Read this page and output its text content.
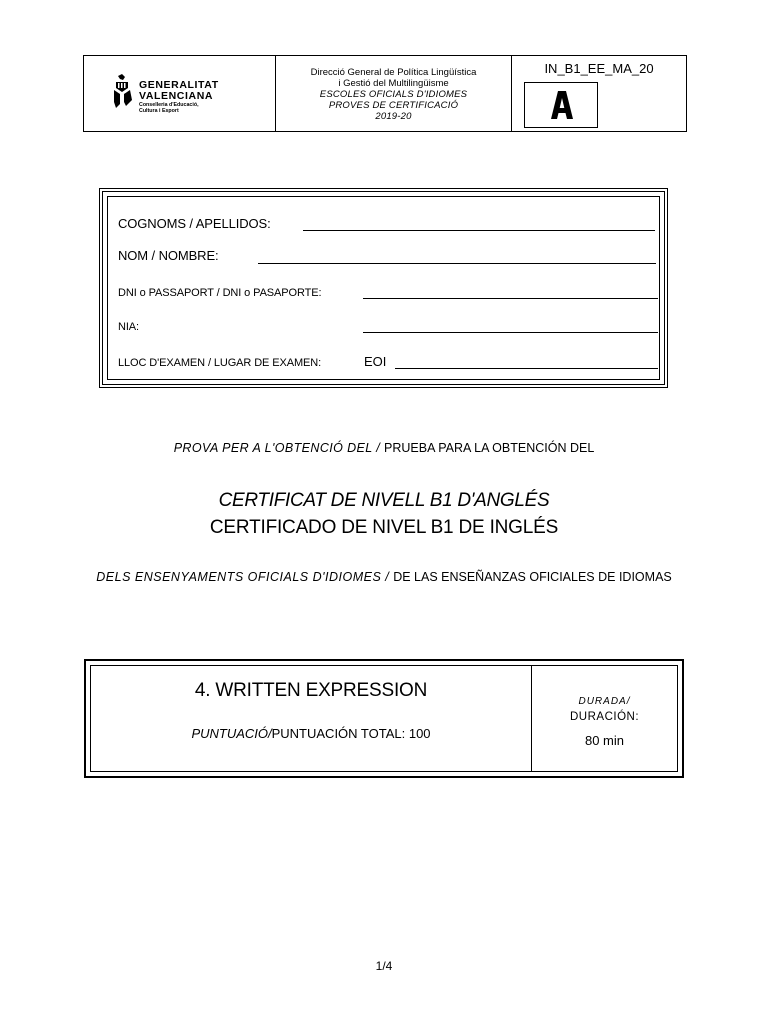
GENERALITAT
VALENCIANA
Conselleria d'Educació,
Cultura i Esport
Direcció General de Política Lingüística
i Gestió del Multilingüisme
ESCOLES OFICIALS D'IDIOMES
PROVES DE CERTIFICACIÓ
2019-20
IN_B1_EE_MA_20
COGNOMS / APELLIDOS:
NOM / NOMBRE:
DNI o PASSAPORT / DNI o PASAPORTE:
NIA:
LLOC D'EXAMEN / LUGAR DE EXAMEN:	EOI
PROVA PER A L'OBTENCIÓ DEL / PRUEBA PARA LA OBTENCIÓN DEL
CERTIFICAT DE NIVELL B1 D'ANGLÉS
CERTIFICADO DE NIVEL B1 DE INGLÉS
DELS ENSENYAMENTS OFICIALS D'IDIOMES / DE LAS ENSEÑANZAS OFICIALES DE IDIOMAS
4. WRITTEN EXPRESSION
PUNTUACIÓ/PUNTUACIÓN TOTAL: 100
DURADA/
DURACIÓN:
80 min
1/4
